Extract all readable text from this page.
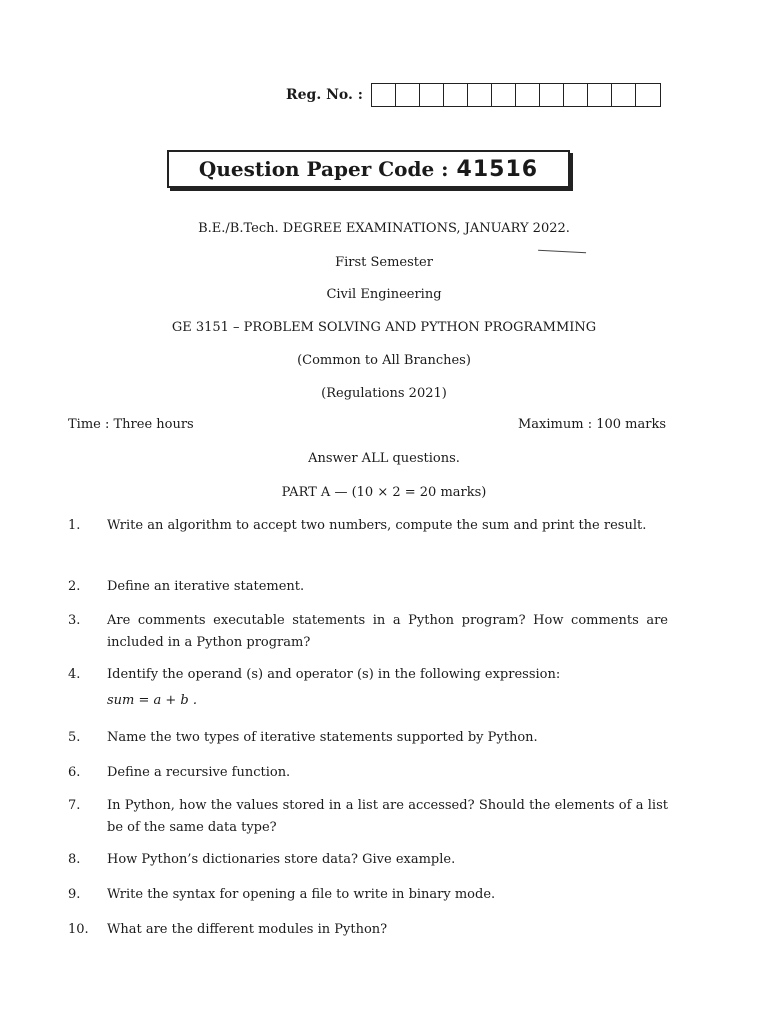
Reg. No. :
Question Paper Code : 41516
B.E./B.Tech. DEGREE EXAMINATIONS, JANUARY 2022.
First Semester
Civil Engineering
GE 3151 – PROBLEM SOLVING AND PYTHON PROGRAMMING
(Common to All Branches)
(Regulations 2021)
Time : Three hours	Maximum : 100 marks
Answer ALL questions.
PART A — (10 × 2 = 20 marks)
1.	Write an algorithm to accept two numbers, compute the sum and print the result.
2.	Define an iterative statement.
3.	Are comments executable statements in a Python program? How comments are included in a Python program?
4.	Identify the operand (s) and operator (s) in the following expression:
sum = a + b .
5.	Name the two types of iterative statements supported by Python.
6.	Define a recursive function.
7.	In Python, how the values stored in a list are accessed? Should the elements of a list be of the same data type?
8.	How Python’s dictionaries store data? Give example.
9.	Write the syntax for opening a file to write in binary mode.
10.	What are the different modules in Python?
